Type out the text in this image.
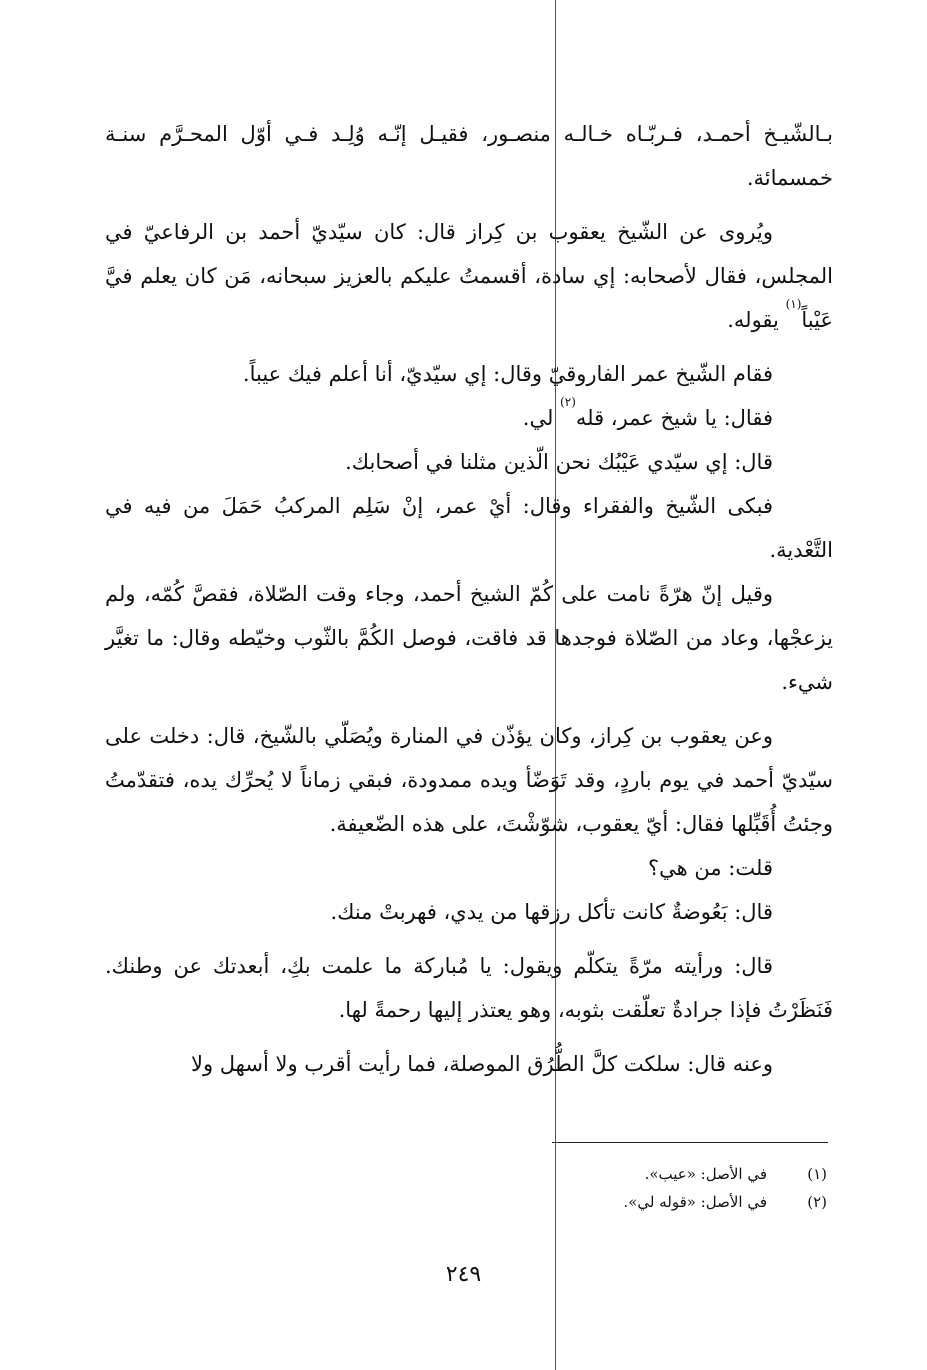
بـالشّيـخ أحمـد، فـربّـاه خـالـه منصـور، فقيـل إنّـه وُلِـد فـي أوّل المحـرَّم سنـة خمسمائة.

ويُروى عن الشّيخ يعقوب بن كِراز قال: كان سيّديّ أحمد بن الرفاعيّ في المجلس، فقال لأصحابه: إي سادة، أقسمتُ عليكم بالعزيز سبحانه، مَن كان يعلم فيَّ عَيْباً$^{(١)}$ يقوله.

فقام الشّيخ عمر الفاروقيّ وقال: إي سيّديّ، أنا أعلم فيك عيباً.

فقال: يا شيخ عمر، قله$^{(٢)}$ لي.

قال: إي سيّدي عَيْبُك نحن الّذين مثلنا في أصحابك.

فبكى الشّيخ والفقراء وقال: أيْ عمر، إنْ سَلِم المركبُ حَمَلَ من فيه في التَّعْدية.

وقيل إنّ هرّةً نامت على كُمّ الشيخ أحمد، وجاء وقت الصّلاة، فقصَّ كُمّه، ولم يزعجْها، وعاد من الصّلاة فوجدها قد فاقت، فوصل الكُمَّ بالثّوب وخيّطه وقال: ما تغيَّر شيء.

وعن يعقوب بن كِراز، وكان يؤذّن في المنارة ويُصَلّي بالشّيخ، قال: دخلت على سيّديّ أحمد في يوم باردٍ، وقد تَوَضّأ ويده ممدودة، فبقي زماناً لا يُحرِّك يده، فتقدّمتُ وجئتُ أُقَبِّلها فقال: أيّ يعقوب، شوّشْتَ، على هذه الضّعيفة.

قلت: من هي؟

قال: بَعُوضةٌ كانت تأكل رزقها من يدي، فهربتْ منك.

قال: ورأيته مرّةً يتكلّم ويقول: يا مُباركة ما علمت بكِ، أبعدتك عن وطنك. فَنَظَرْتُ فإذا جرادةٌ تعلّقت بثوبه، وهو يعتذر إليها رحمةً لها.

وعنه قال: سلكت كلَّ الطُّرُق الموصلة، فما رأيت أقرب ولا أسهل ولا

(١)
في الأصل: «عيب».
(٢)
في الأصل: «قوله لي».
٢٤٩
